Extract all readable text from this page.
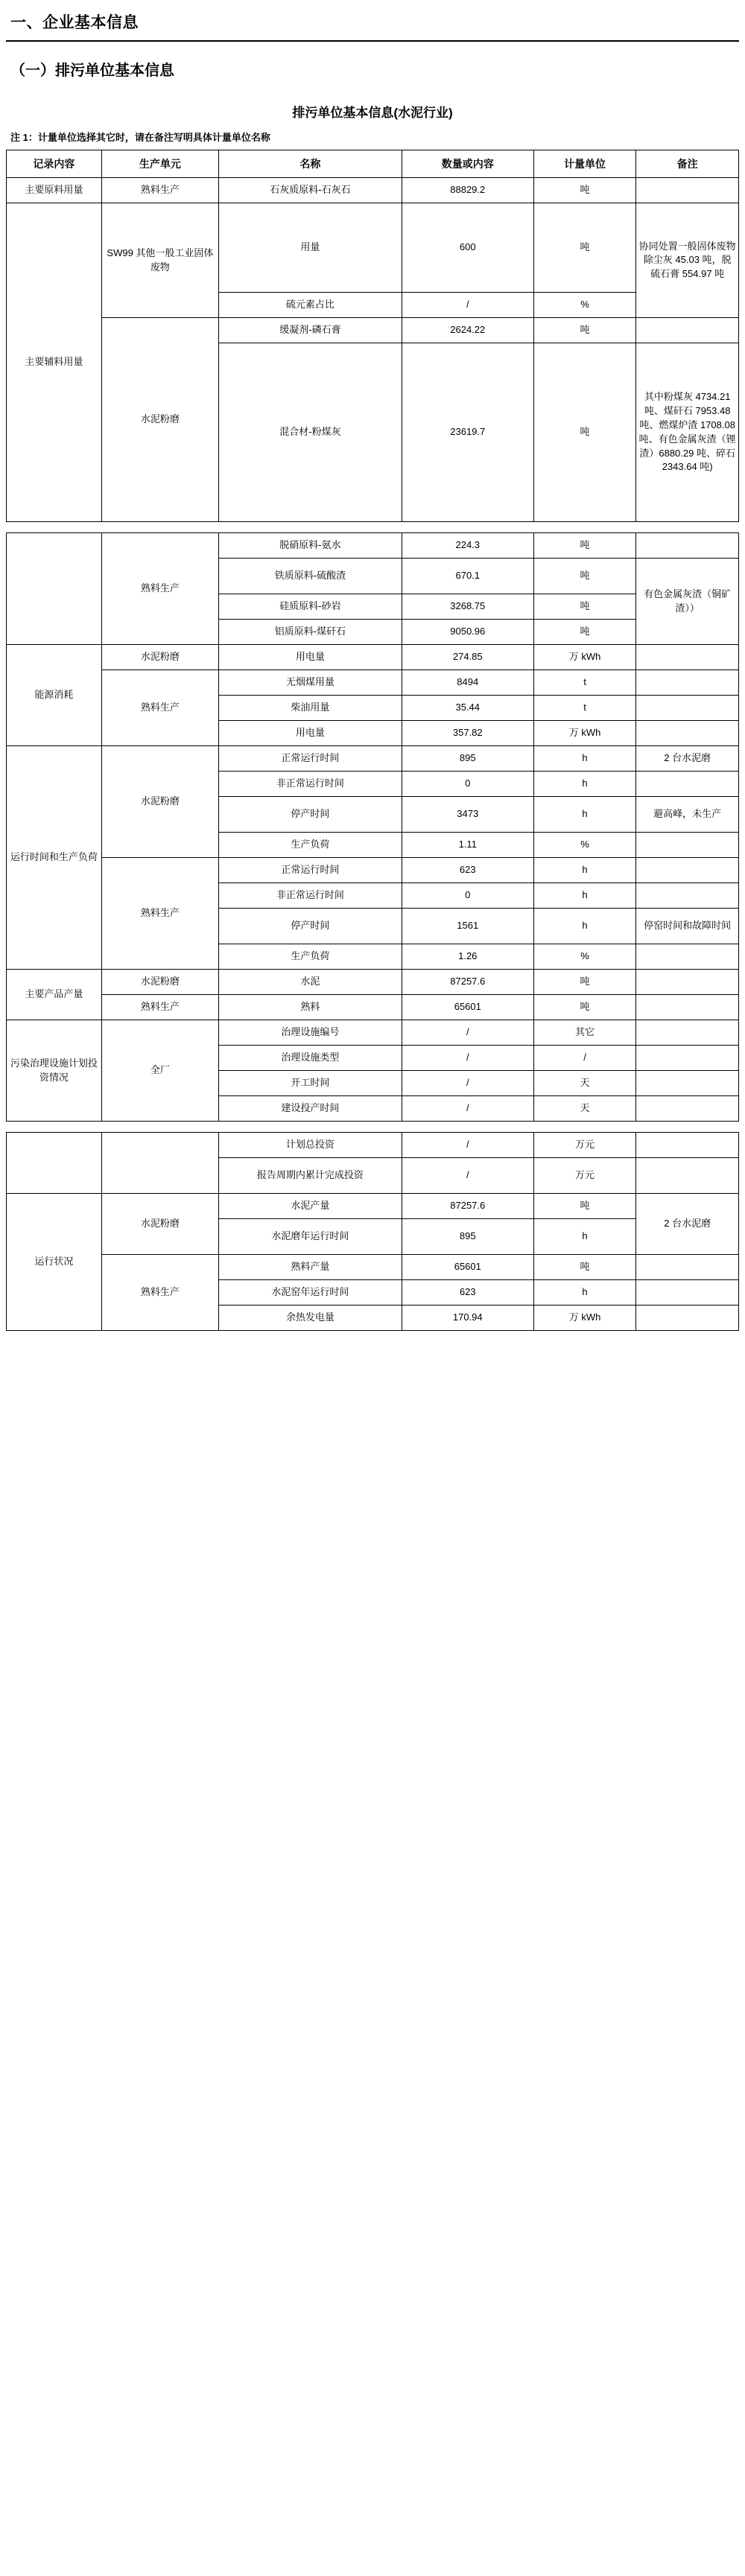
一、企业基本信息
（一）排污单位基本信息
排污单位基本信息(水泥行业)

注 1：计量单位选择其它时，请在备注写明具体计量单位名称

记录内容	生产单元	名称	数量或内容	计量单位	备注
主要原料用量	熟料生产	石灰质原料-石灰石	88829.2	吨	
主要辅料用量	SW99 其他一般工业固体废物	用量	600	吨	协同处置一般固体废物除尘灰 45.03 吨，脱硫石膏 554.97 吨
		硫元素占比	/	%	
	水泥粉磨	缓凝剂-磷石膏	2624.22	吨	
		混合材-粉煤灰	23619.7	吨	其中粉煤灰 4734.21 吨、煤矸石 7953.48 吨、燃煤炉渣 1708.08 吨、有色金属灰渣（锂渣）6880.29 吨、碎石 2343.64 吨)
	熟料生产	脱硝原料-氨水	224.3	吨	
		铁质原料-硫酸渣	670.1	吨	有色金属灰渣（铜矿渣））
		硅质原料-砂岩	3268.75	吨	
		铝质原料-煤矸石	9050.96	吨	
能源消耗	水泥粉磨	用电量	274.85	万 kWh	
	熟料生产	无烟煤用量	8494	t	
		柴油用量	35.44	t	
		用电量	357.82	万 kWh	
运行时间和生产负荷	水泥粉磨	正常运行时间	895	h	2 台水泥磨
		非正常运行时间	0	h	
		停产时间	3473	h	避高峰，未生产
		生产负荷	1.11	%	
	熟料生产	正常运行时间	623	h	
		非正常运行时间	0	h	
		停产时间	1561	h	停窑时间和故障时间
		生产负荷	1.26	%	
主要产品产量	水泥粉磨	水泥	87257.6	吨	
	熟料生产	熟料	65601	吨	
污染治理设施计划投资情况	全厂	治理设施编号	/	其它	
		治理设施类型	/	/	
		开工时间	/	天	
		建设投产时间	/	天	
		计划总投资	/	万元	
		报告周期内累计完成投资	/	万元	
运行状况	水泥粉磨	水泥产量	87257.6	吨	2 台水泥磨
		水泥磨年运行时间	895	h	
	熟料生产	熟料产量	65601	吨	
		水泥窑年运行时间	623	h	
		余热发电量	170.94	万 kWh	
